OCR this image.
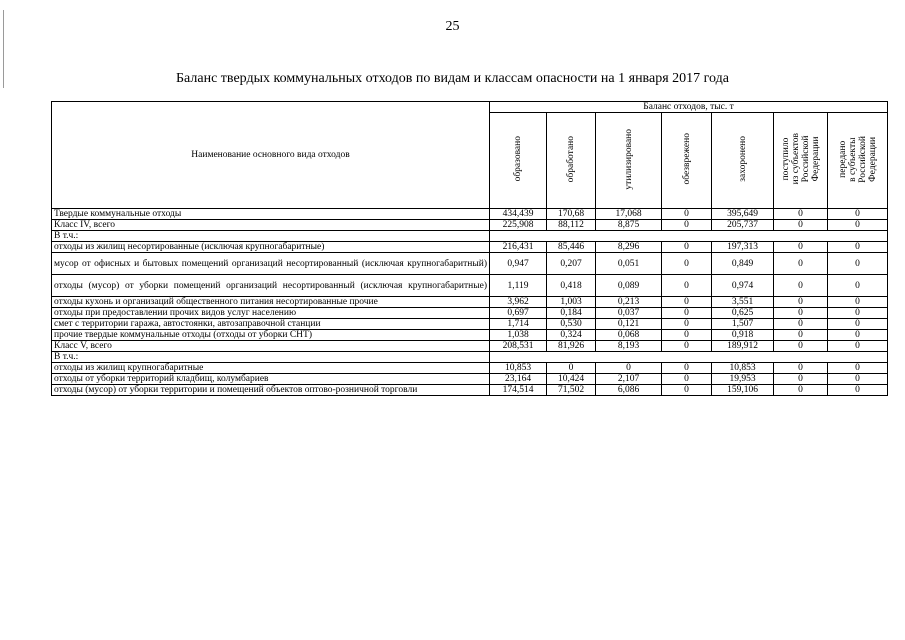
25
Баланс твердых коммунальных отходов по видам и классам опасности на 1 января 2017 года
Наименование основного вида отходов	Баланс отходов, тыс. т						
	образовано	обработано	утилизировано	обезврежено	захоронено	поступило
из субъектов
Российской
Федерации	передано
в субъекты
Российской
Федерации
Твердые коммунальные отходы	434,439	170,68	17,068	0	395,649	0	0
Класс IV, всего	225,908	88,112	8,875	0	205,737	0	0
В т.ч.:							
отходы из жилищ несортированные (исключая крупногабаритные)	216,431	85,446	8,296	0	197,313	0	0
мусор от офисных и бытовых помещений организаций несортированный (исключая крупногабаритный)	0,947	0,207	0,051	0	0,849	0	0
отходы (мусор) от уборки помещений организаций несортированный (исключая крупногабаритные)	1,119	0,418	0,089	0	0,974	0	0
отходы кухонь и организаций общественного питания несортированные прочие	3,962	1,003	0,213	0	3,551	0	0
отходы при предоставлении прочих видов услуг населению	0,697	0,184	0,037	0	0,625	0	0
смет с территории гаража, автостоянки, автозаправочной станции	1,714	0,530	0,121	0	1,507	0	0
прочие твердые коммунальные отходы (отходы от уборки СНТ)	1,038	0,324	0,068	0	0,918	0	0
Класс V, всего	208,531	81,926	8,193	0	189,912	0	0
В т.ч.:							
отходы из жилищ крупногабаритные	10,853	0	0	0	10,853	0	0
отходы от уборки территорий кладбищ, колумбариев	23,164	10,424	2,107	0	19,953	0	0
отходы (мусор) от уборки территории и помещений объектов оптово-розничной торговли	174,514	71,502	6,086	0	159,106	0	0
